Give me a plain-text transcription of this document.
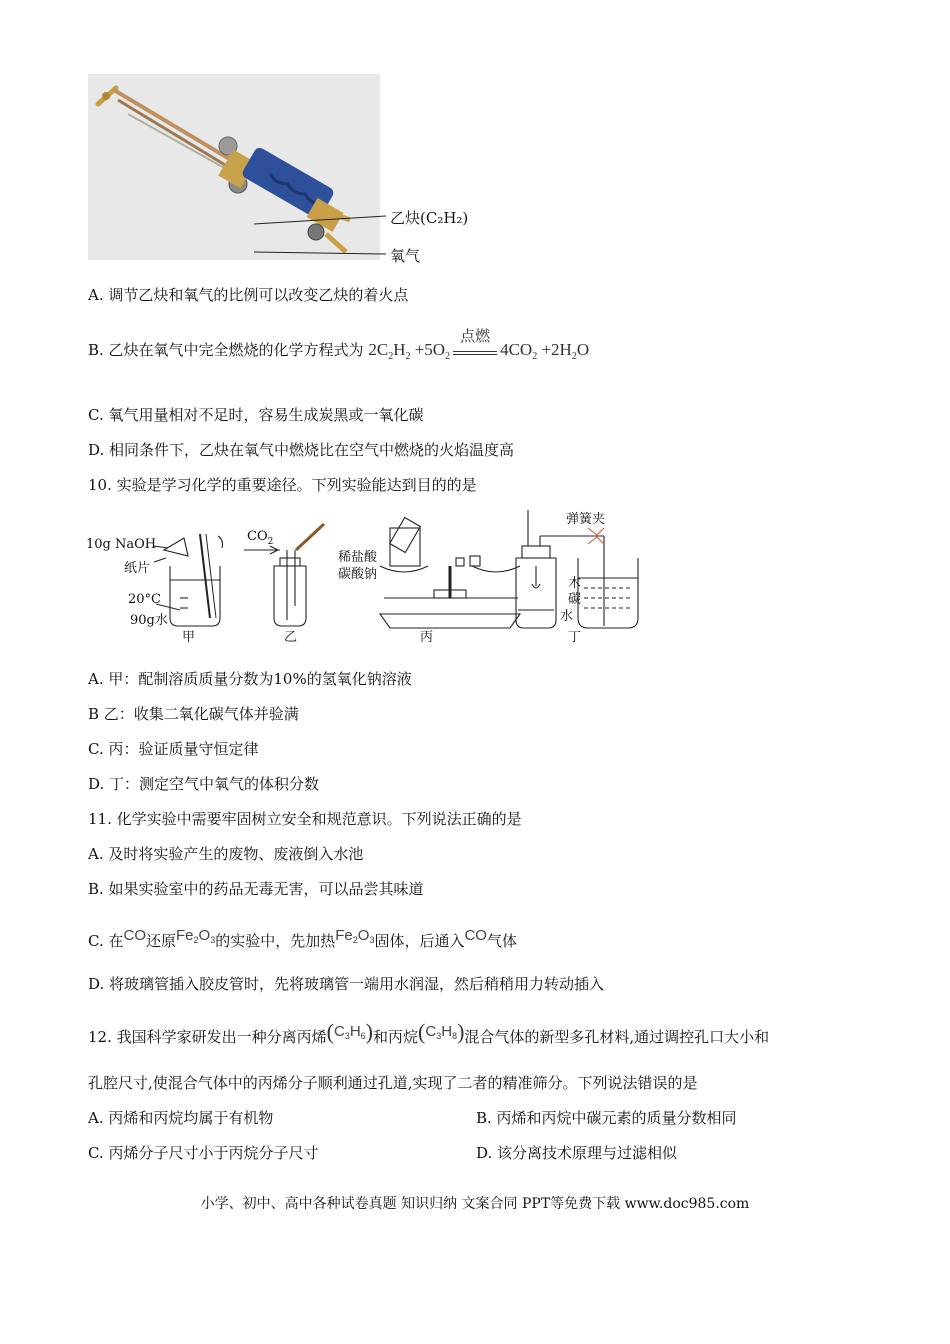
乙炔(C₂H₂)
氧气
A. 调节乙炔和氧气的比例可以改变乙炔的着火点
B. 乙炔在氧气中完全燃烧的化学方程式为 $2C_2H_2 +5O_2$
点燃
$4CO_2 +2H_2O$
C. 氧气用量相对不足时，容易生成炭黑或一氧化碳
D. 相同条件下，乙炔在氧气中燃烧比在空气中燃烧的火焰温度高
10. 实验是学习化学的重要途径。下列实验能达到目的的是
10g NaOH
纸片
20°C
90g水
甲
$CO_2$
乙
稀盐酸
碳酸钠
丙
弹簧夹
木
碳
水
丁
A. 甲：配制溶质质量分数为10%的氢氧化钠溶液
B 乙：收集二氧化碳气体并验满
C. 丙：验证质量守恒定律
D. 丁：测定空气中氧气的体积分数
11. 化学实验中需要牢固树立安全和规范意识。下列说法正确的是
A. 及时将实验产生的废物、废液倒入水池
B. 如果实验室中的药品无毒无害，可以品尝其味道
C. 在CO还原$Fe_2O_3$的实验中，先加热$Fe_2O_3$固体，后通入CO气体
D. 将玻璃管插入胶皮管时，先将玻璃管一端用水润湿，然后稍稍用力转动插入
12. 我国科学家研发出一种分离丙烯$(C_3H_6)$和丙烷$(C_3H_8)$混合气体的新型多孔材料,通过调控孔口大小和
孔腔尺寸,使混合气体中的丙烯分子顺利通过孔道,实现了二者的精准筛分。下列说法错误的是
A. 丙烯和丙烷均属于有机物	B. 丙烯和丙烷中碳元素的质量分数相同
C. 丙烯分子尺寸小于丙烷分子尺寸	D. 该分离技术原理与过滤相似
小学、初中、高中各种试卷真题 知识归纳 文案合同 PPT等免费下载 www.doc985.com
